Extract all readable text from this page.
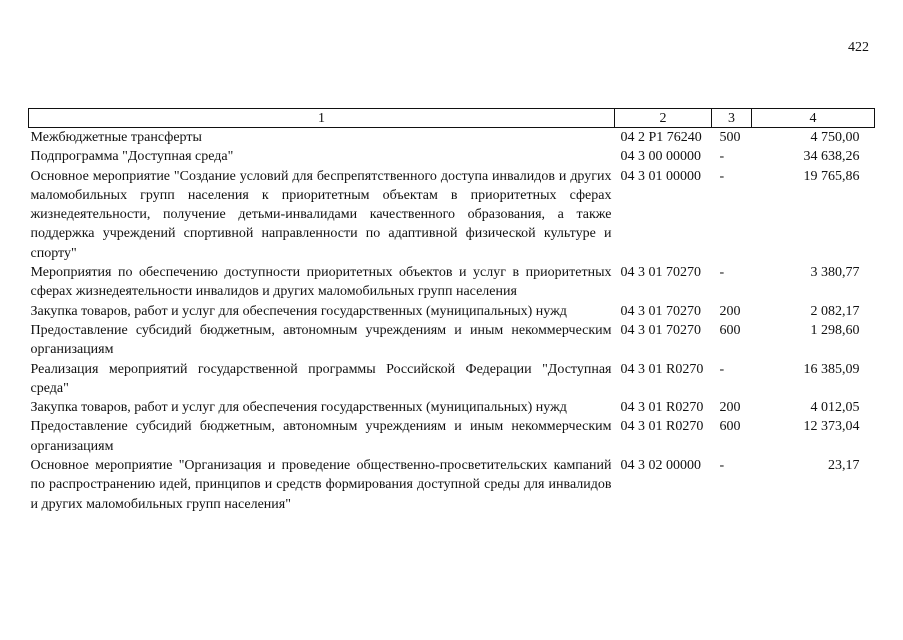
422
1	2	3	4
Межбюджетные трансферты	04 2 P1 76240	500	4 750,00
Подпрограмма "Доступная среда"	04 3 00 00000	-	34 638,26
Основное мероприятие "Создание условий для беспрепятственного доступа инвалидов и других маломобильных групп населения к приоритетным объектам в приоритетных сферах жизнедеятельности, получение детьми-инвалидами качественного образования, а также поддержка учреждений спортивной направленности по адаптивной физической культуре и спорту"	04 3 01 00000	-	19 765,86
Мероприятия по обеспечению доступности приоритетных объектов и услуг в приоритетных сферах жизнедеятельности инвалидов и других маломобильных групп населения	04 3 01 70270	-	3 380,77
Закупка товаров, работ и услуг для обеспечения государственных (муниципальных) нужд	04 3 01 70270	200	2 082,17
Предоставление субсидий бюджетным, автономным учреждениям и иным некоммерческим организациям	04 3 01 70270	600	1 298,60
Реализация мероприятий государственной программы Российской Федерации "Доступная среда"	04 3 01 R0270	-	16 385,09
Закупка товаров, работ и услуг для обеспечения государственных (муниципальных) нужд	04 3 01 R0270	200	4 012,05
Предоставление субсидий бюджетным, автономным учреждениям и иным некоммерческим организациям	04 3 01 R0270	600	12 373,04
Основное мероприятие "Организация и проведение общественно-просветительских кампаний по распространению идей, принципов и средств формирования доступной среды для инвалидов и других маломобильных групп населения"	04 3 02 00000	-	23,17
